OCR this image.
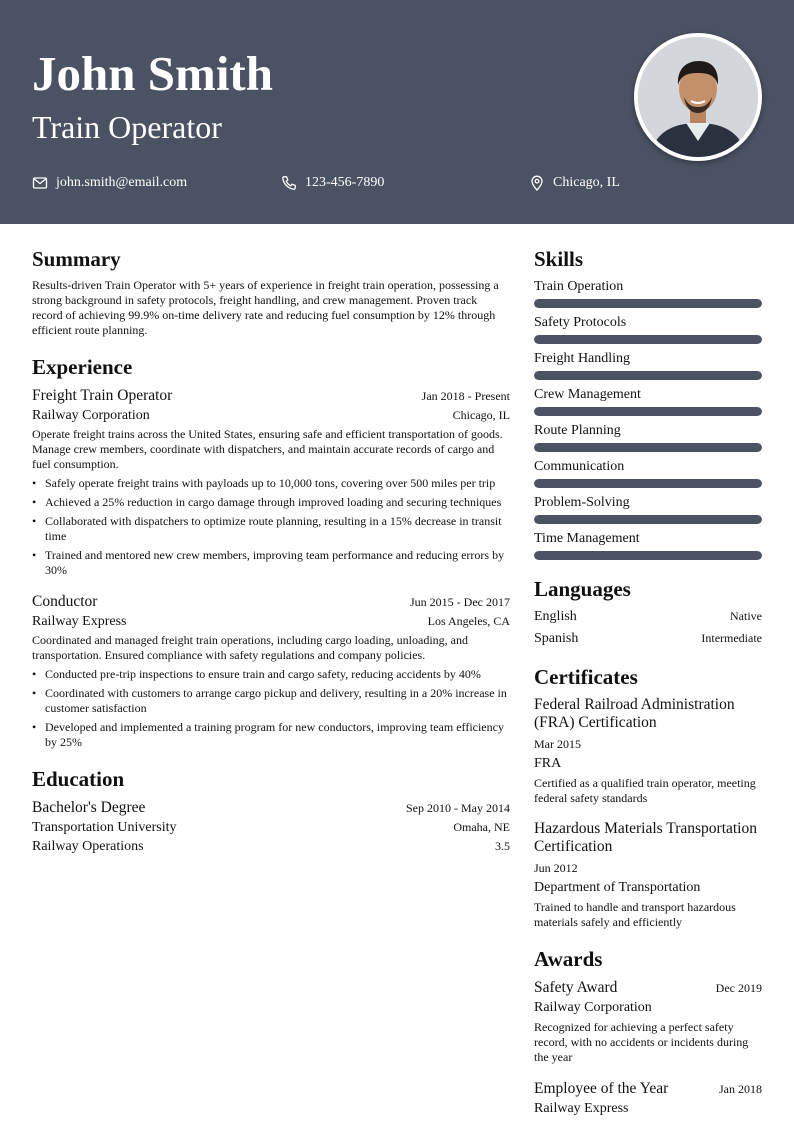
John Smith
Train Operator
john.smith@email.com	123-456-7890	Chicago, IL
Summary
Results-driven Train Operator with 5+ years of experience in freight train operation, possessing a strong background in safety protocols, freight handling, and crew management. Proven track record of achieving 99.9% on-time delivery rate and reducing fuel consumption by 12% through efficient route planning.
Experience
Freight Train Operator	Jan 2018 - Present
Railway Corporation	Chicago, IL
Operate freight trains across the United States, ensuring safe and efficient transportation of goods. Manage crew members, coordinate with dispatchers, and maintain accurate records of cargo and fuel consumption.
• Safely operate freight trains with payloads up to 10,000 tons, covering over 500 miles per trip
• Achieved a 25% reduction in cargo damage through improved loading and securing techniques
• Collaborated with dispatchers to optimize route planning, resulting in a 15% decrease in transit time
• Trained and mentored new crew members, improving team performance and reducing errors by 30%
Conductor	Jun 2015 - Dec 2017
Railway Express	Los Angeles, CA
Coordinated and managed freight train operations, including cargo loading, unloading, and transportation. Ensured compliance with safety regulations and company policies.
• Conducted pre-trip inspections to ensure train and cargo safety, reducing accidents by 40%
• Coordinated with customers to arrange cargo pickup and delivery, resulting in a 20% increase in customer satisfaction
• Developed and implemented a training program for new conductors, improving team efficiency by 25%
Education
Bachelor's Degree	Sep 2010 - May 2014
Transportation University	Omaha, NE
Railway Operations	3.5
Skills
Train Operation
Safety Protocols
Freight Handling
Crew Management
Route Planning
Communication
Problem-Solving
Time Management
Languages
English	Native
Spanish	Intermediate
Certificates
Federal Railroad Administration (FRA) Certification
Mar 2015
FRA
Certified as a qualified train operator, meeting federal safety standards
Hazardous Materials Transportation Certification
Jun 2012
Department of Transportation
Trained to handle and transport hazardous materials safely and efficiently
Awards
Safety Award	Dec 2019
Railway Corporation
Recognized for achieving a perfect safety record, with no accidents or incidents during the year
Employee of the Year	Jan 2018
Railway Express
